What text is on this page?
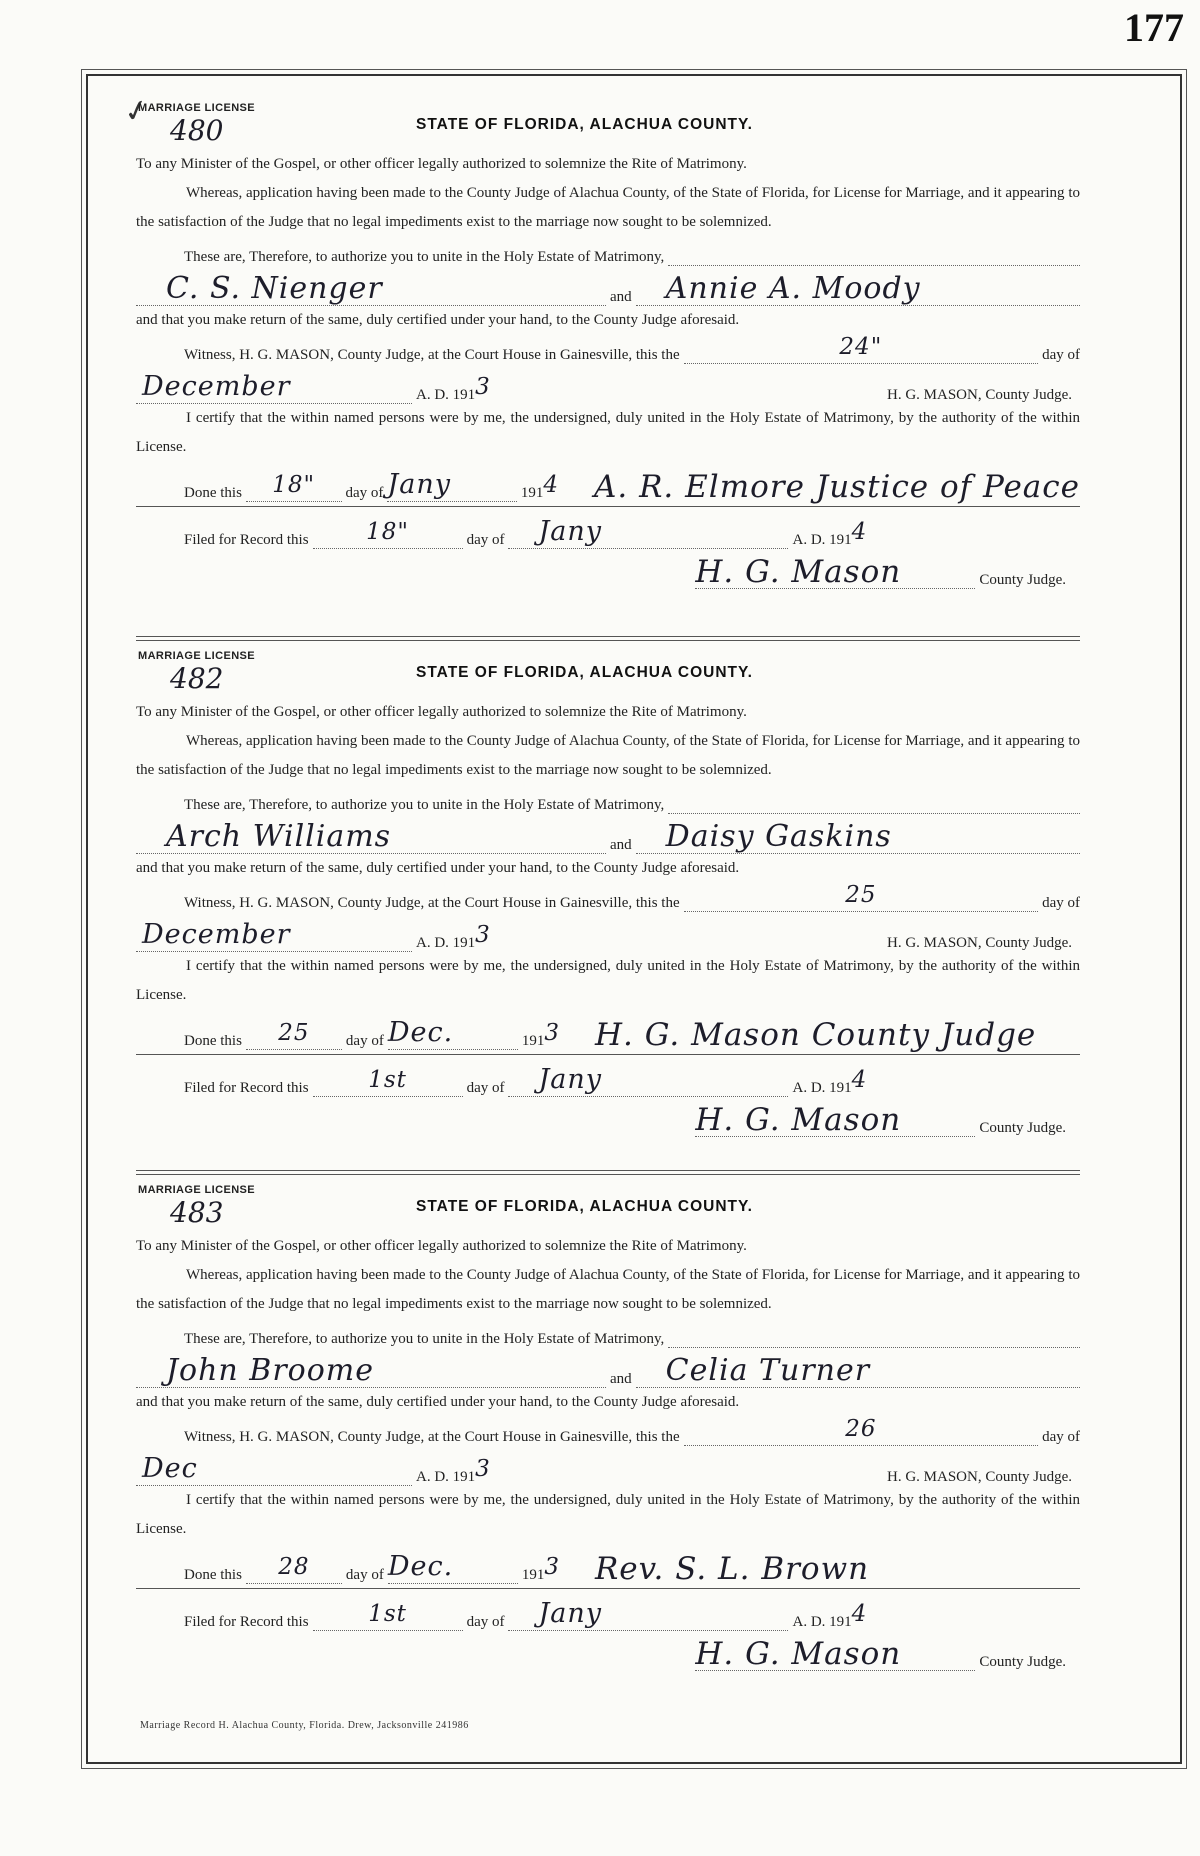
177
✓
MARRIAGE LICENSE
480	STATE OF FLORIDA, ALACHUA COUNTY.

To any Minister of the Gospel, or other officer legally authorized to solemnize the Rite of Matrimony.

Whereas, application having been made to the County Judge of Alachua County, of the State of Florida, for License for Marriage, and it appearing to the satisfaction of the Judge that no legal impediments exist to the marriage now sought to be solemnized.

These are, Therefore, to authorize you to unite in the Holy Estate of Matrimony,
C. S. Nienger	and Annie A. Moody

and that you make return of the same, duly certified under your hand, to the County Judge aforesaid.

Witness, H. G. MASON, County Judge, at the Court House in Gainesville, this the	24"	day of
December	A. D. 191 3	H. G. MASON, County Judge.

I certify that the within named persons were by me, the undersigned, duly united in the Holy Estate of Matrimony, by the authority of the within License.

Done this 18" day of Jany	191 4 A. R. Elmore Justice of Peace
Filed for Record this	18"	day of Jany	A. D. 191 4
H. G. Mason	County Judge.
MARRIAGE LICENSE
482	STATE OF FLORIDA, ALACHUA COUNTY.

To any Minister of the Gospel, or other officer legally authorized to solemnize the Rite of Matrimony.

Whereas, application having been made to the County Judge of Alachua County, of the State of Florida, for License for Marriage, and it appearing to the satisfaction of the Judge that no legal impediments exist to the marriage now sought to be solemnized.

These are, Therefore, to authorize you to unite in the Holy Estate of Matrimony,
Arch Williams	and Daisy Gaskins

and that you make return of the same, duly certified under your hand, to the County Judge aforesaid.

Witness, H. G. MASON, County Judge, at the Court House in Gainesville, this the	25	day of
December	A. D. 191 3	H. G. MASON, County Judge.

I certify that the within named persons were by me, the undersigned, duly united in the Holy Estate of Matrimony, by the authority of the within License.

Done this 25 day of Dec.	191 3 H. G. Mason County Judge
Filed for Record this	1st	day of Jany	A. D. 191 4
H. G. Mason	County Judge.
MARRIAGE LICENSE
483	STATE OF FLORIDA, ALACHUA COUNTY.

To any Minister of the Gospel, or other officer legally authorized to solemnize the Rite of Matrimony.

Whereas, application having been made to the County Judge of Alachua County, of the State of Florida, for License for Marriage, and it appearing to the satisfaction of the Judge that no legal impediments exist to the marriage now sought to be solemnized.

These are, Therefore, to authorize you to unite in the Holy Estate of Matrimony,
John Broome	and Celia Turner

and that you make return of the same, duly certified under your hand, to the County Judge aforesaid.

Witness, H. G. MASON, County Judge, at the Court House in Gainesville, this the	26	day of
Dec	A. D. 191 3	H. G. MASON, County Judge.

I certify that the within named persons were by me, the undersigned, duly united in the Holy Estate of Matrimony, by the authority of the within License.

Done this 28 day of Dec.	191 3 Rev. S. L. Brown
Filed for Record this	1st	day of Jany	A. D. 191 4
H. G. Mason	County Judge.
Marriage Record H. Alachua County, Florida. Drew, Jacksonville 241986
